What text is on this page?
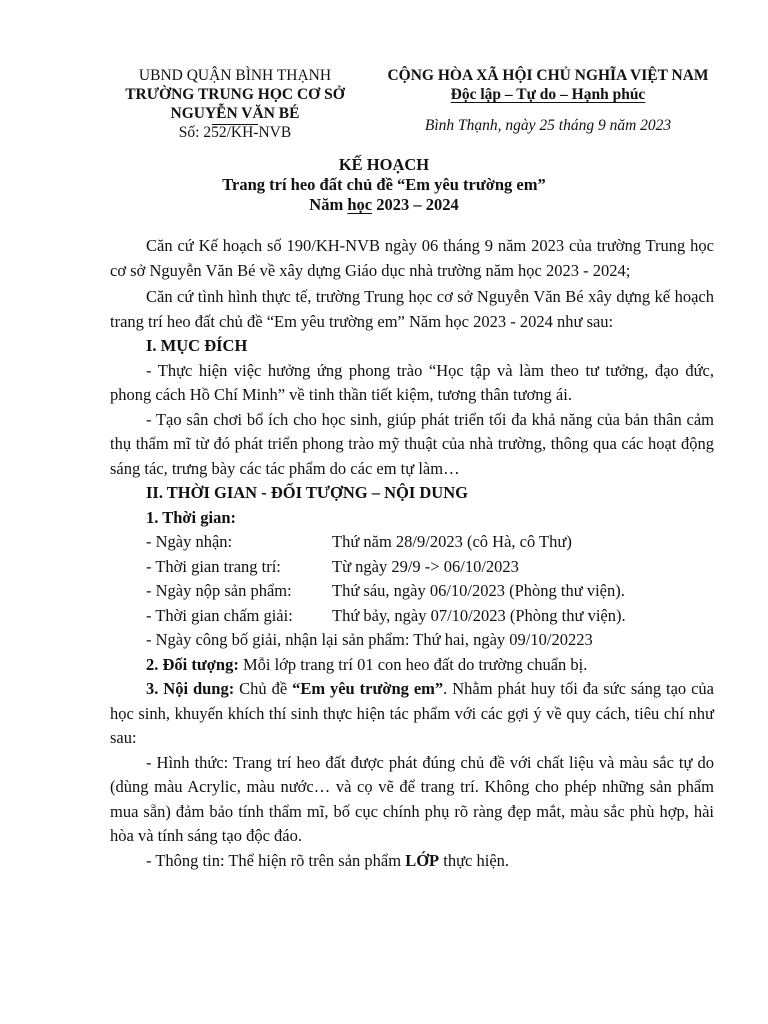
UBND QUẬN BÌNH THẠNH
TRƯỜNG TRUNG HỌC CƠ SỞ
NGUYỄN VĂN BÉ
Số: 252/KH-NVB
CỘNG HÒA XÃ HỘI CHỦ NGHĨA VIỆT NAM
Độc lập – Tự do – Hạnh phúc
Bình Thạnh, ngày 25 tháng 9 năm 2023
KẾ HOẠCH
Trang trí heo đất chủ đề “Em yêu trường em”
Năm học 2023 – 2024

Căn cứ Kế hoạch số 190/KH-NVB ngày 06 tháng 9 năm 2023 của trường Trung học cơ sở Nguyễn Văn Bé về xây dựng Giáo dục nhà trường năm học 2023 - 2024;

Căn cứ tình hình thực tế, trường Trung học cơ sở Nguyễn Văn Bé xây dựng kế hoạch trang trí heo đất chủ đề “Em yêu trường em” Năm học 2023 - 2024 như sau:

I. MỤC ĐÍCH

- Thực hiện việc hưởng ứng phong trào “Học tập và làm theo tư tưởng, đạo đức, phong cách Hồ Chí Minh” về tinh thần tiết kiệm, tương thân tương ái.

- Tạo sân chơi bổ ích cho học sinh, giúp phát triển tối đa khả năng của bản thân cảm thụ thẩm mĩ từ đó phát triển phong trào mỹ thuật của nhà trường, thông qua các hoạt động sáng tác, trưng bày các tác phẩm do các em tự làm…

II. THỜI GIAN - ĐỐI TƯỢNG – NỘI DUNG

1. Thời gian:

- Ngày nhận:	Thứ năm 28/9/2023 (cô Hà, cô Thư)
- Thời gian trang trí:	Từ ngày 29/9 -> 06/10/2023
- Ngày nộp sản phẩm:	Thứ sáu, ngày 06/10/2023 (Phòng thư viện).
- Thời gian chấm giải:	Thứ bảy, ngày 07/10/2023 (Phòng thư viện).

- Ngày công bố giải, nhận lại sản phẩm: Thứ hai, ngày 09/10/20223

2. Đối tượng: Mỗi lớp trang trí 01 con heo đất do trường chuẩn bị.

3. Nội dung: Chủ đề “Em yêu trường em”. Nhằm phát huy tối đa sức sáng tạo của học sinh, khuyến khích thí sinh thực hiện tác phẩm với các gợi ý về quy cách, tiêu chí như sau:

- Hình thức: Trang trí heo đất được phát đúng chủ đề với chất liệu và màu sắc tự do (dùng màu Acrylic, màu nước… và cọ vẽ để trang trí. Không cho phép những sản phẩm mua sẵn) đảm bảo tính thẩm mĩ, bố cục chính phụ rõ ràng đẹp mắt, màu sắc phù hợp, hài hòa và tính sáng tạo độc đáo.

- Thông tin: Thể hiện rõ trên sản phẩm LỚP thực hiện.
